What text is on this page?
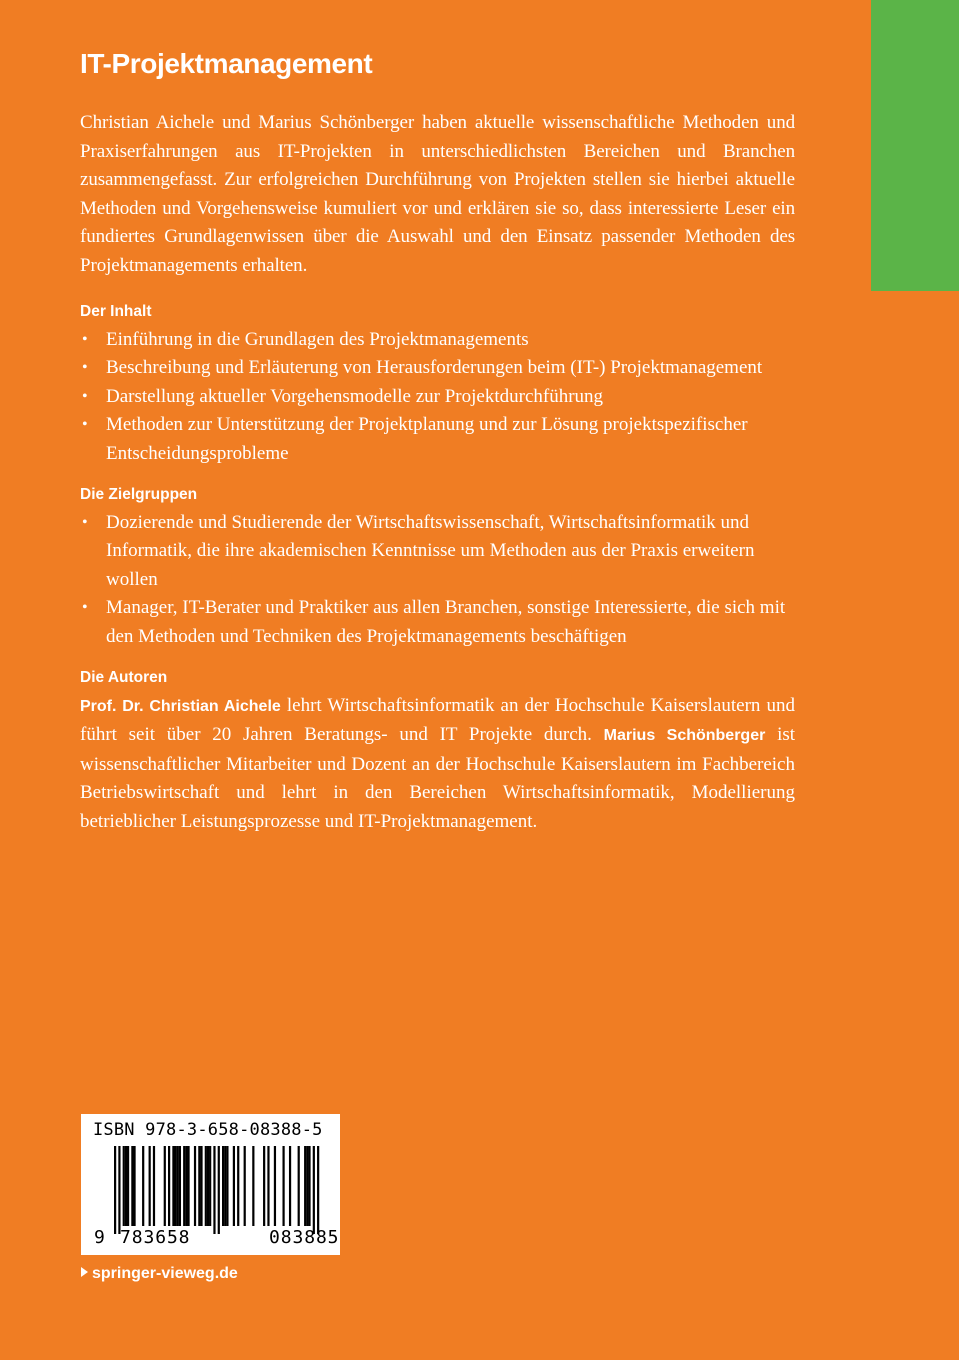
IT-Projektmanagement

Christian Aichele und Marius Schönberger haben aktuelle wissenschaftliche Methoden und Praxiserfahrungen aus IT-Projekten in unterschiedlichsten Bereichen und Branchen zusammengefasst. Zur erfolgreichen Durchführung von Projekten stellen sie hierbei aktuelle Methoden und Vorgehensweise kumuliert vor und erklären sie so, dass interessierte Leser ein fundiertes Grundlagenwissen über die Auswahl und den Einsatz passender Methoden des Projektmanagements erhalten.

Der Inhalt
• Einführung in die Grundlagen des Projektmanagements
• Beschreibung und Erläuterung von Herausforderungen beim (IT-) Projektmanagement
• Darstellung aktueller Vorgehensmodelle zur Projektdurchführung
• Methoden zur Unterstützung der Projektplanung und zur Lösung projektspezifischer Entscheidungsprobleme
Die Zielgruppen
• Dozierende und Studierende der Wirtschaftswissenschaft, Wirtschaftsinformatik und Informatik, die ihre akademischen Kenntnisse um Methoden aus der Praxis erweitern wollen
• Manager, IT-Berater und Praktiker aus allen Branchen, sonstige Interessierte, die sich mit den Methoden und Techniken des Projektmanagements beschäftigen
Die Autoren

Prof. Dr. Christian Aichele lehrt Wirtschaftsinformatik an der Hochschule Kaiserslautern und führt seit über 20 Jahren Beratungs- und IT Projekte durch. Marius Schönberger ist wissenschaftlicher Mitarbeiter und Dozent an der Hochschule Kaiserslautern im Fachbereich Betriebswirtschaft und lehrt in den Bereichen Wirtschaftsinformatik, Modellierung betrieblicher Leistungsprozesse und IT-Projektmanagement.

ISBN 978-3-658-08388-5
9 783658	083885
springer-vieweg.de
